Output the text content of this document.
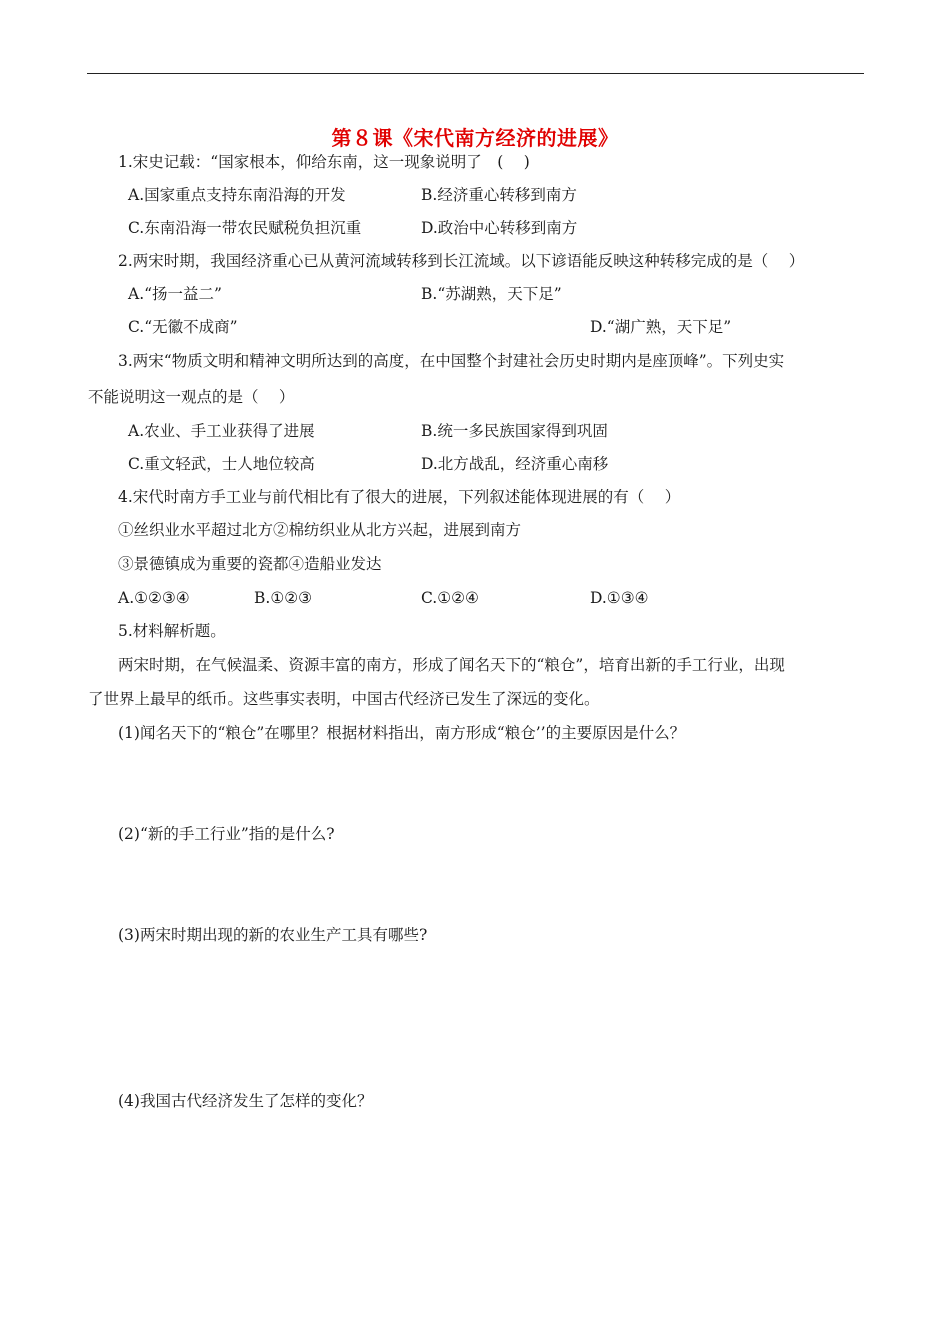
第８课《宋代南方经济的进展》
1.宋史记载：“国家根本，仰给东南，这一现象说明了　(　 )
A.国家重点支持东南沿海的开发	B.经济重心转移到南方
C.东南沿海一带农民赋税负担沉重	D.政治中心转移到南方
2.两宋时期，我国经济重心已从黄河流域转移到长江流域。以下谚语能反映这种转移完成的是（　 ）
A.“扬一益二”	B.“苏湖熟，天下足”
C.“无徽不成商”	D.“湖广熟，天下足”
3.两宋“物质文明和精神文明所达到的高度，在中国整个封建社会历史时期内是座顶峰”。下列史实
不能说明这一观点的是（　 ）
A.农业、手工业获得了进展	B.统一多民族国家得到巩固
C.重文轻武，士人地位较高	D.北方战乱，经济重心南移
4.宋代时南方手工业与前代相比有了很大的进展，下列叙述能体现进展的有（　 ）
①丝织业水平超过北方②棉纺织业从北方兴起，进展到南方
③景德镇成为重要的瓷都④造船业发达
A.①②③④	B.①②③	C.①②④	D.①③④
5.材料解析题。
两宋时期，在气候温柔、资源丰富的南方，形成了闻名天下的“粮仓”，培育出新的手工行业，出现
了世界上最早的纸币。这些事实表明，中国古代经济已发生了深远的变化。
(1)闻名天下的“粮仓”在哪里？根据材料指出，南方形成“粮仓’’的主要原因是什么？
(2)“新的手工行业”指的是什么?
(3)两宋时期出现的新的农业生产工具有哪些?
(4)我国古代经济发生了怎样的变化？
